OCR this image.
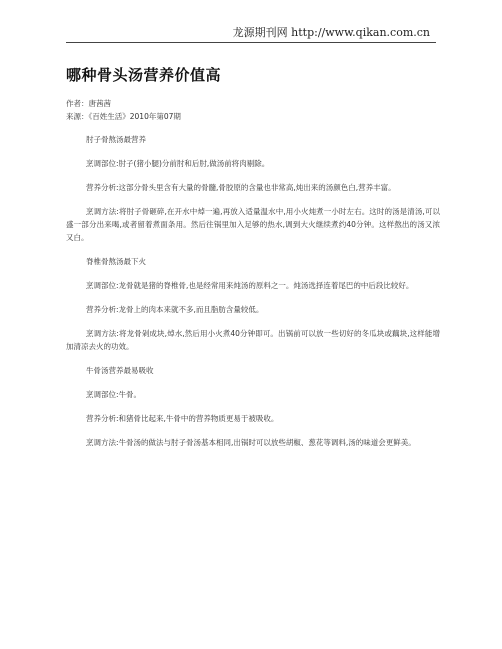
龙源期刊网 http://www.qikan.com.cn
哪种骨头汤营养价值高
作者：唐茜茜
来源：《百姓生活》2010年第07期

肘子骨熬汤最营养

烹调部位:肘子(猪小腿)分前肘和后肘,做汤前将肉剔除。

营养分析:这部分骨头里含有大量的骨髓,骨胶原的含量也非常高,炖出来的汤颜色白,营养丰富。

烹调方法:将肘子骨砸碎,在开水中焯一遍,再放入适量温水中,用小火炖煮一小时左右。这时的汤是清汤,可以盛一部分出来喝,或者留着煮面条用。然后往锅里加入足够的热水,调到大火继续煮约40分钟。这样熬出的汤又浓又白。

脊椎骨熬汤最下火

烹调部位:龙骨就是猪的脊椎骨,也是经常用来炖汤的原料之一。炖汤选择连着尾巴的中后段比较好。

营养分析:龙骨上的肉本来就不多,而且脂肪含量较低。

烹调方法:将龙骨剁成块,焯水,然后用小火煮40分钟即可。出锅前可以放一些切好的冬瓜块或藕块,这样能增加清凉去火的功效。

牛骨汤营养最易吸收

烹调部位:牛骨。

营养分析:和猪骨比起来,牛骨中的营养物质更易于被吸收。

烹调方法:牛骨汤的做法与肘子骨汤基本相同,出锅时可以放些胡椒、葱花等调料,汤的味道会更鲜美。
